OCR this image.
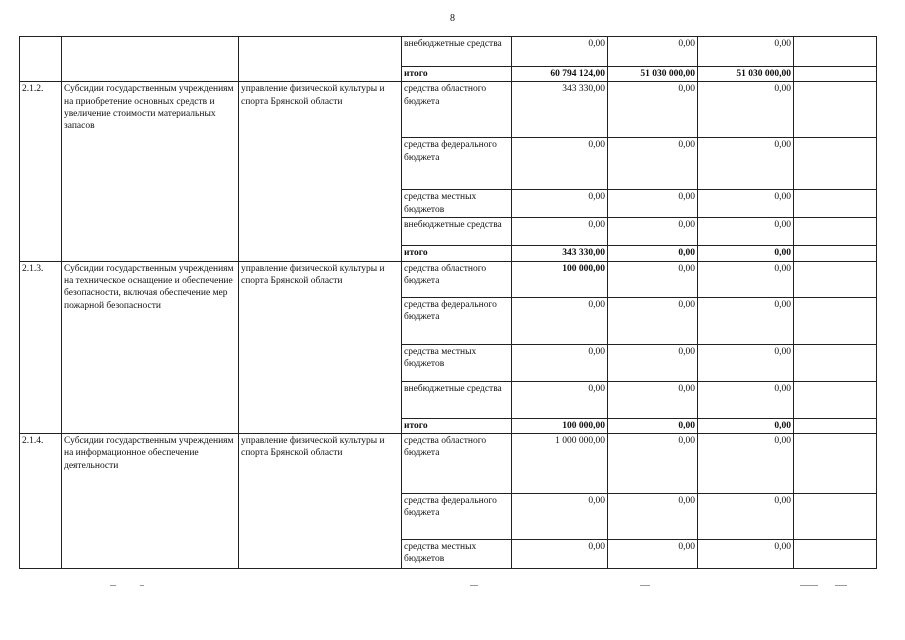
8
			внебюджетные средства	0,00	0,00	0,00	
			итого	60 794 124,00	51 030 000,00	51 030 000,00	
2.1.2.	Субсидии государственным учреждениям на приобретение основных средств и увеличение стоимости материальных запасов	управление физической культуры и спорта Брянской области	средства областного бюджета	343 330,00	0,00	0,00	
			средства федерального бюджета	0,00	0,00	0,00	
			средства местных бюджетов	0,00	0,00	0,00	
			внебюджетные средства	0,00	0,00	0,00	
			итого	343 330,00	0,00	0,00	
2.1.3.	Субсидии государственным учреждениям на техническое оснащение и обеспечение безопасности, включая обеспечение мер пожарной безопасности	управление физической культуры и спорта Брянской области	средства областного бюджета	100 000,00	0,00	0,00	
			средства федерального бюджета	0,00	0,00	0,00	
			средства местных бюджетов	0,00	0,00	0,00	
			внебюджетные средства	0,00	0,00	0,00	
			итого	100 000,00	0,00	0,00	
2.1.4.	Субсидии государственным учреждениям на информационное обеспечение деятельности	управление физической культуры и спорта Брянской области	средства областного бюджета	1 000 000,00	0,00	0,00	
			средства федерального бюджета	0,00	0,00	0,00	
			средства местных бюджетов	0,00	0,00	0,00	
